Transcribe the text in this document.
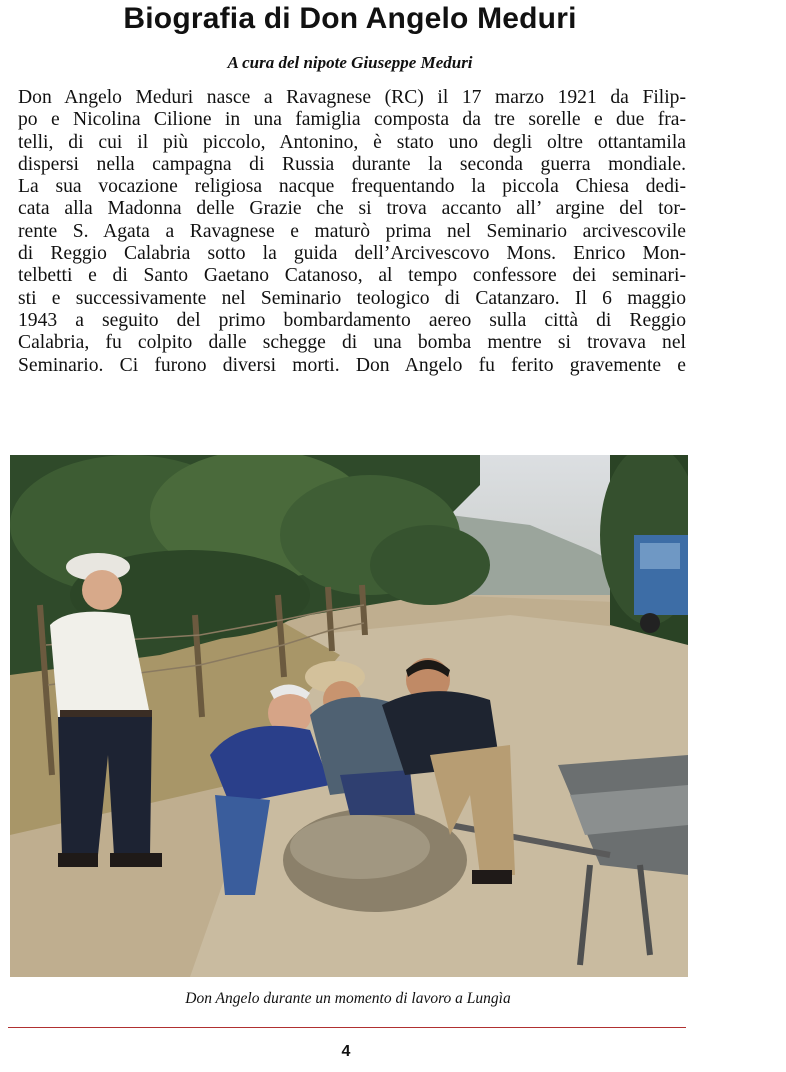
Biografia di Don Angelo Meduri

A cura del nipote Giuseppe Meduri

Don Angelo Meduri nasce a Ravagnese (RC) il 17 marzo 1921 da Filip-
po e Nicolina Cilione in una famiglia composta da tre sorelle e due fra-
telli, di cui il più piccolo, Antonino, è stato uno degli oltre ottantamila
dispersi nella campagna di Russia durante la seconda guerra mondiale.
La sua vocazione religiosa nacque frequentando la piccola Chiesa dedi-
cata alla Madonna delle Grazie che si trova accanto all’ argine del tor-
rente S. Agata a Ravagnese e maturò prima nel Seminario arcivescovile
di Reggio Calabria sotto la guida dell’Arcivescovo Mons. Enrico Mon-
telbetti e di Santo Gaetano Catanoso, al tempo confessore dei seminari-
sti e successivamente nel Seminario teologico di Catanzaro. Il 6 maggio
1943 a seguito del primo bombardamento aereo sulla città di Reggio
Calabria, fu colpito dalle schegge di una bomba mentre si trovava nel
Seminario. Ci furono diversi morti. Don Angelo fu ferito gravemente e

Don Angelo durante un momento di lavoro a Lungìa

4
